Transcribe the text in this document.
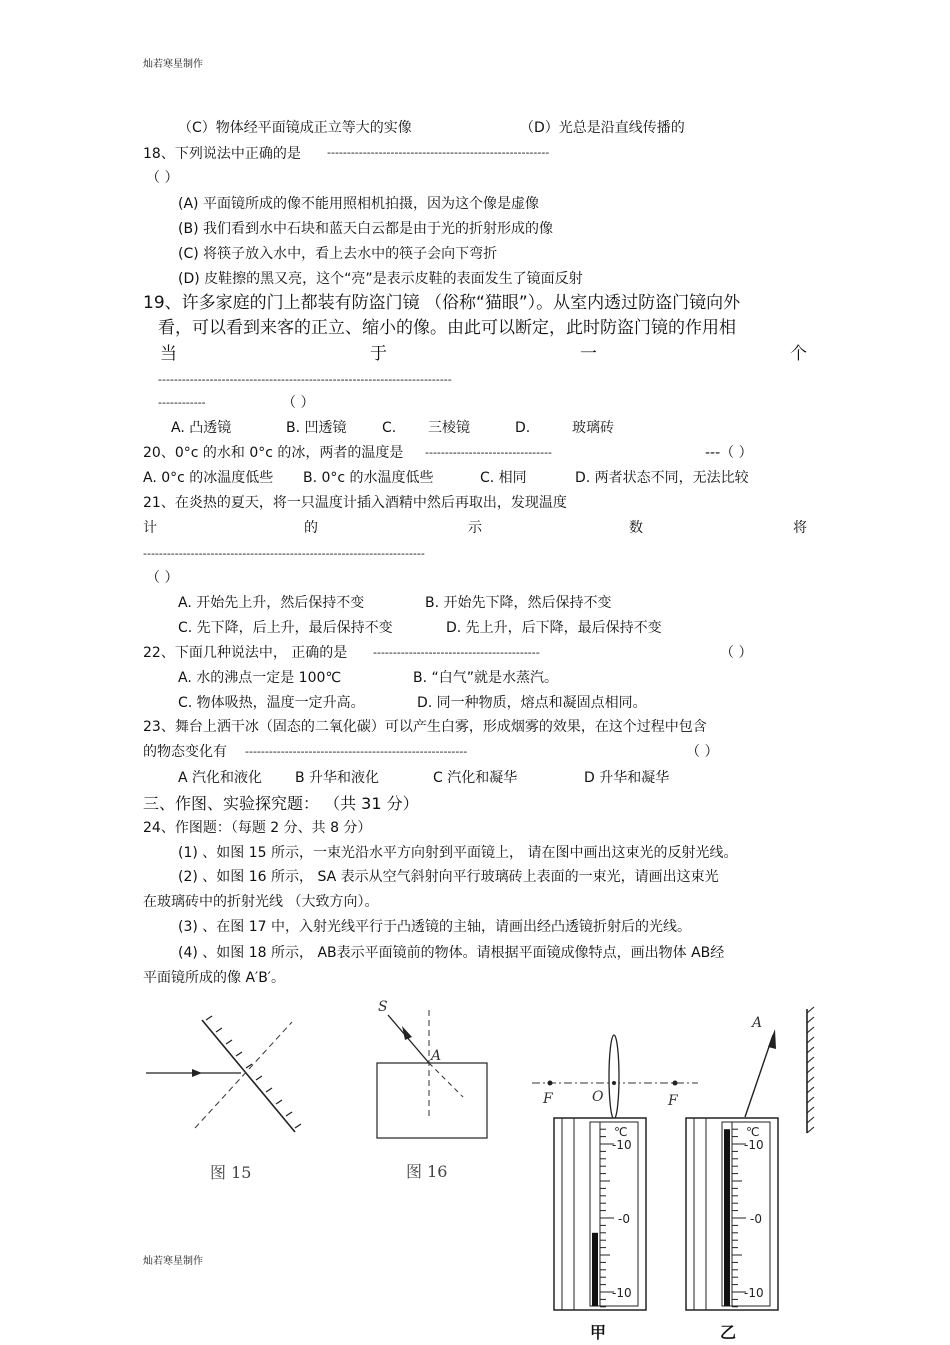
灿若寒星制作
灿若寒星制作
（C）物体经平面镜成正立等大的实像	（D）光总是沿直线传播的
18、下列说法中正确的是 --------------------------------------------------------
（ ）
(A) 平面镜所成的像不能用照相机拍摄，因为这个像是虚像
(B) 我们看到水中石块和蓝天白云都是由于光的折射形成的像
(C) 将筷子放入水中，看上去水中的筷子会向下弯折
(D) 皮鞋擦的黑又亮，这个“亮”是表示皮鞋的表面发生了镜面反射
19、许多家庭的门上都装有防盗门镜 （俗称“猫眼”）。从室内透过防盗门镜向外
看，可以看到来客的正立、缩小的像。由此可以断定，此时防盗门镜的作用相
当	于	一	个
--------------------------------------------------------------------------
------------	（ ）
A. 凸透镜	B. 凹透镜	C. 三棱镜	D.	玻璃砖
20、0°c 的水和 0°c 的冰，两者的温度是 --------------------------------	---（ ）
A. 0°c 的冰温度低些 B. 0°c 的水温度低些	C. 相同	D. 两者状态不同，无法比较
21、在炎热的夏天，将一只温度计插入酒精中然后再取出，发现温度
计	的	示	数	将
-----------------------------------------------------------------------
（ ）
A. 开始先上升，然后保持不变	B. 开始先下降，然后保持不变
C. 先下降，后上升，最后保持不变	D. 先上升，后下降，最后保持不变
22、下面几种说法中， 正确的是 ------------------------------------------	（ ）
A. 水的沸点一定是 100℃	B. “白气”就是水蒸汽。
C. 物体吸热，温度一定升高。	D. 同一种物质，熔点和凝固点相同。
23、舞台上洒干冰（固态的二氧化碳）可以产生白雾，形成烟雾的效果，在这个过程中包含
的物态变化有 --------------------------------------------------------	（ ）
A 汽化和液化 B 升华和液化	C 汽化和凝华	D 升华和凝华
三、作图、实验探究题： （共 31 分）
24、作图题：（每题 2 分、共 8 分）
(1) 、如图 15 所示，一束光沿水平方向射到平面镜上， 请在图中画出这束光的反射光线。
(2) 、如图 16 所示， SA 表示从空气斜射向平行玻璃砖上表面的一束光，请画出这束光
在玻璃砖中的折射光线 （大致方向）。
(3) 、在图 17 中，入射光线平行于凸透镜的主轴，请画出经凸透镜折射后的光线。
(4) 、如图 18 所示， AB表示平面镜前的物体。请根据平面镜成像特点，画出物体 AB经
平面镜所成的像 A′B′。
图 15
S
A
图 16
F	O	F
A
-10
-0
-10
℃
-10
-0
-10
℃
甲	乙
